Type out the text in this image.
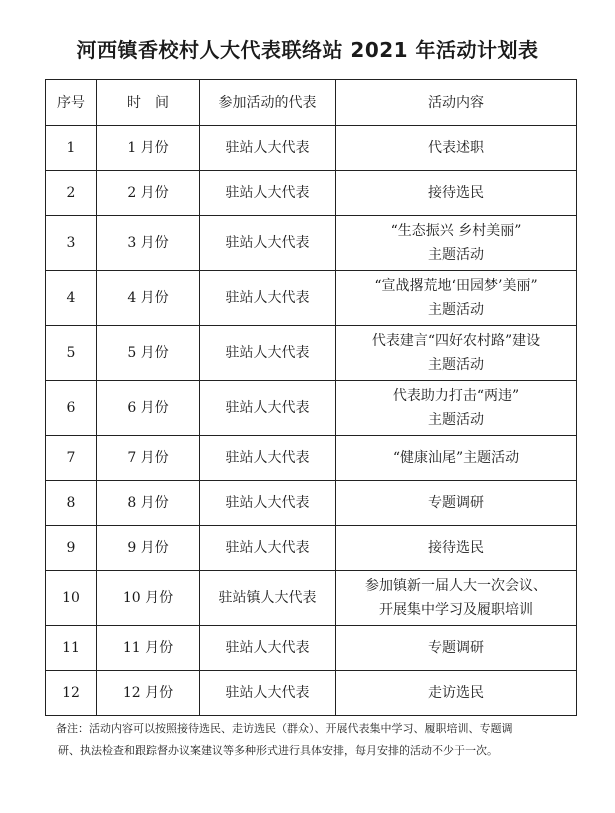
河西镇香校村人大代表联络站 2021 年活动计划表
序号	时　间	参加活动的代表	活动内容
1	1 月份	驻站人大代表	代表述职

2	2 月份	驻站人大代表	接待选民

3	3 月份	驻站人大代表	“生态振兴 乡村美丽”
主题活动

4	4 月份	驻站人大代表	“宣战撂荒地‘田园梦’美丽”
主题活动

5	5 月份	驻站人大代表	代表建言“四好农村路”建设
主题活动

6	6 月份	驻站人大代表	代表助力打击“两违”
主题活动

7	7 月份	驻站人大代表	“健康汕尾”主题活动

8	8 月份	驻站人大代表	专题调研

9	9 月份	驻站人大代表	接待选民

10	10 月份	驻站镇人大代表	参加镇新一届人大一次会议、
开展集中学习及履职培训

11	11 月份	驻站人大代表	专题调研

12	12 月份	驻站人大代表	走访选民
备注：活动内容可以按照接待选民、走访选民（群众）、开展代表集中学习、履职培训、专题调
研、执法检查和跟踪督办议案建议等多种形式进行具体安排，每月安排的活动不少于一次。
